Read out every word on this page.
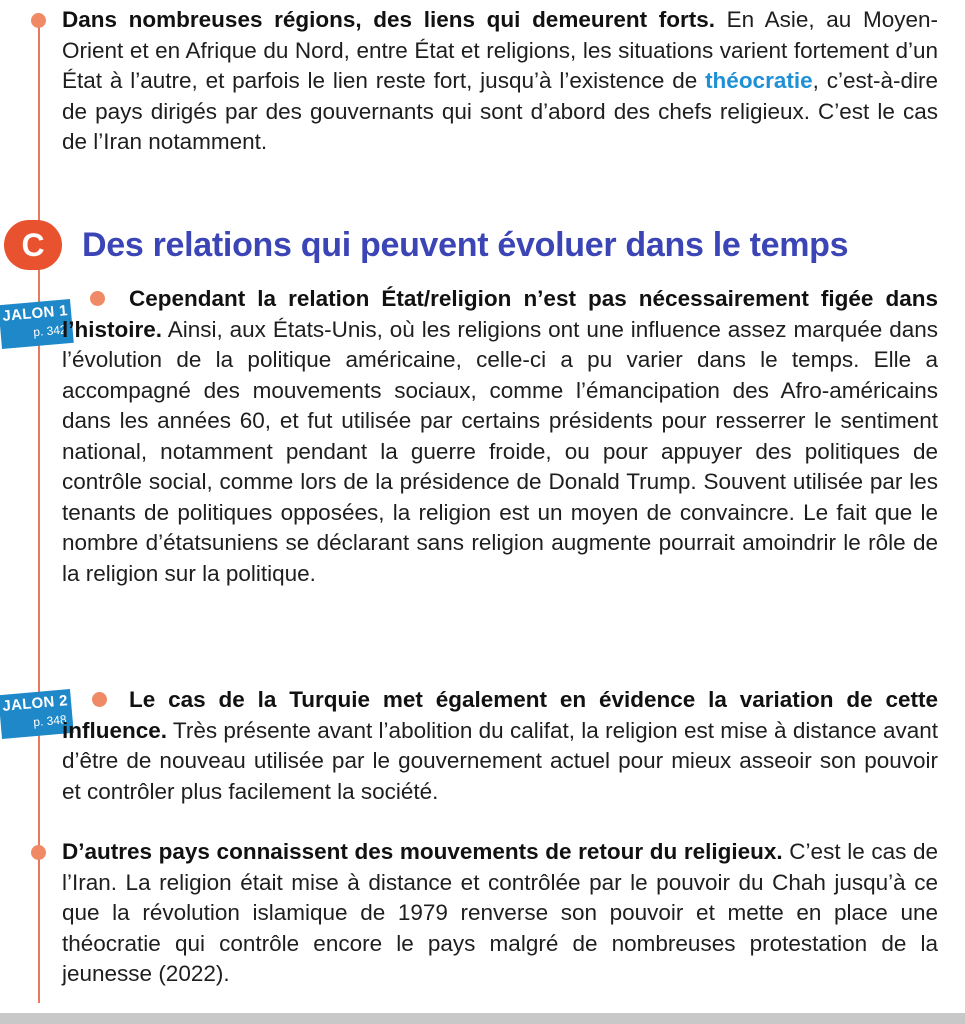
Dans nombreuses régions, des liens qui demeurent forts. En Asie, au Moyen-Orient et en Afrique du Nord, entre État et religions, les situations varient fortement d’un État à l’autre, et parfois le lien reste fort, jusqu’à l’existence de théocratie, c’est-à-dire de pays dirigés par des gouvernants qui sont d’abord des chefs religieux. C’est le cas de l’Iran notamment.

C	Des relations qui peuvent évoluer dans le temps
JALON 1
p. 342

Cependant la relation État/religion n’est pas nécessairement figée dans l’histoire. Ainsi, aux États-Unis, où les religions ont une influence assez marquée dans l’évolution de la politique américaine, celle-ci a pu varier dans le temps. Elle a accompagné des mouvements sociaux, comme l’émancipation des Afro-américains dans les années 60, et fut utilisée par certains présidents pour resserrer le sentiment national, notamment pendant la guerre froide, ou pour appuyer des politiques de contrôle social, comme lors de la présidence de Donald Trump. Souvent utilisée par les tenants de politiques opposées, la religion est un moyen de convaincre. Le fait que le nombre d’étatsuniens se déclarant sans religion augmente pourrait amoindrir le rôle de la religion sur la politique.

JALON 2
p. 348

Le cas de la Turquie met également en évidence la variation de cette influence. Très présente avant l’abolition du califat, la religion est mise à distance avant d’être de nouveau utilisée par le gouvernement actuel pour mieux asseoir son pouvoir et contrôler plus facilement la société.

D’autres pays connaissent des mouvements de retour du religieux. C’est le cas de l’Iran. La religion était mise à distance et contrôlée par le pouvoir du Chah jusqu’à ce que la révolution islamique de 1979 renverse son pouvoir et mette en place une théocratie qui contrôle encore le pays malgré de nombreuses protestation de la jeunesse (2022).
